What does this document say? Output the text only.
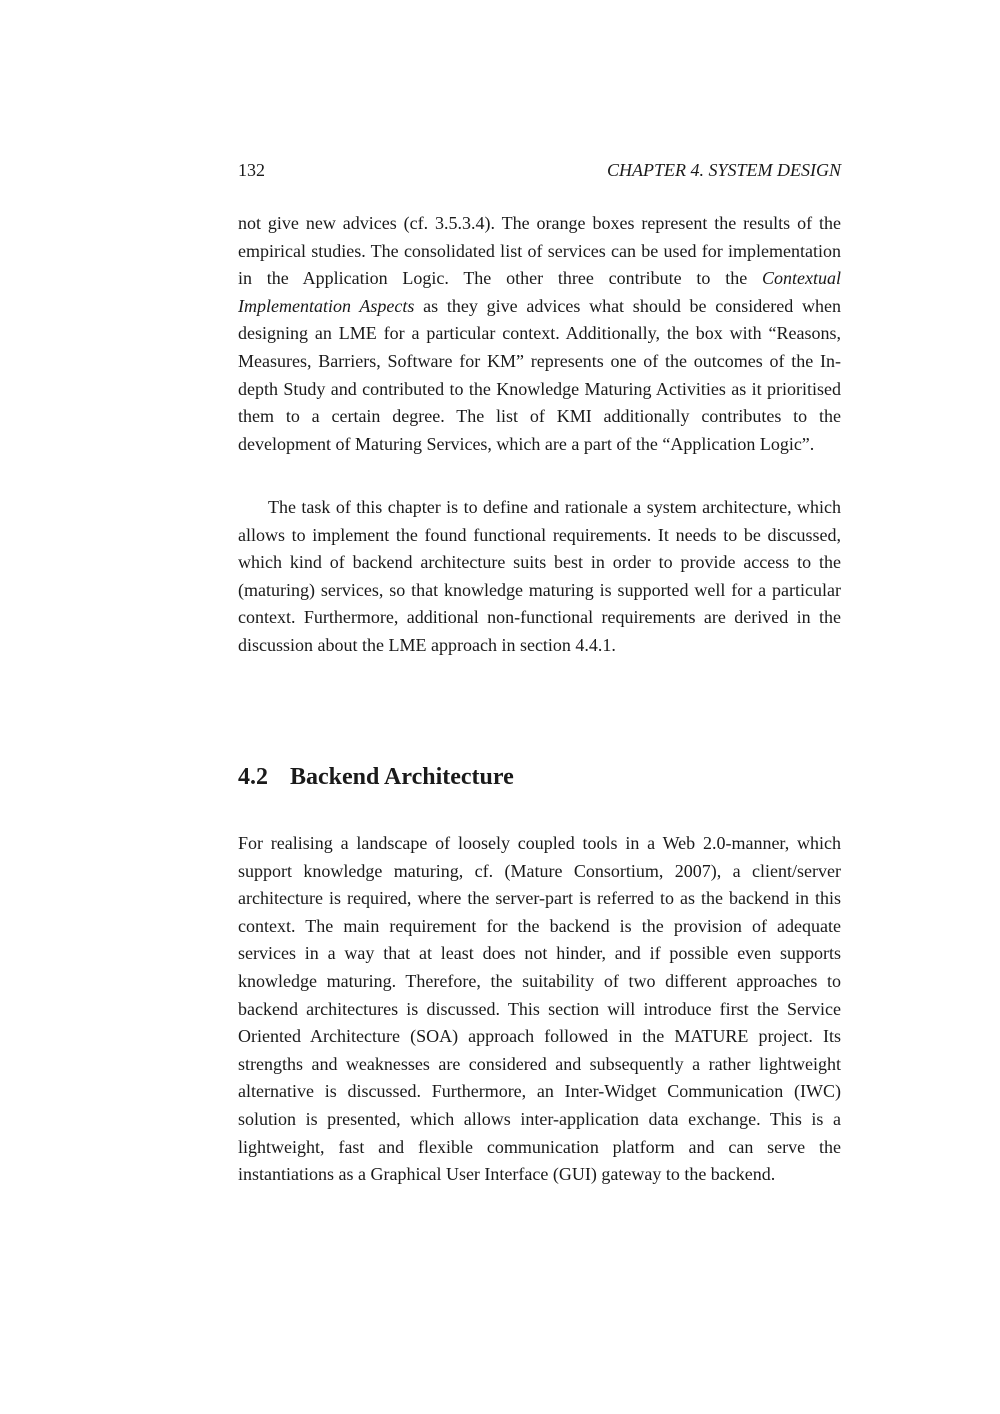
132	CHAPTER 4. SYSTEM DESIGN

not give new advices (cf. 3.5.3.4). The orange boxes represent the results of the empirical studies. The consolidated list of services can be used for implementation in the Application Logic. The other three contribute to the Contextual Implementation Aspects as they give advices what should be considered when designing an LME for a particular context. Additionally, the box with “Reasons, Measures, Barriers, Software for KM” represents one of the outcomes of the In-depth Study and contributed to the Knowledge Maturing Activities as it prioritised them to a certain degree. The list of KMI additionally contributes to the development of Maturing Services, which are a part of the “Application Logic”.

The task of this chapter is to define and rationale a system architecture, which allows to implement the found functional requirements. It needs to be discussed, which kind of backend architecture suits best in order to provide access to the (maturing) services, so that knowledge maturing is supported well for a particular context. Furthermore, additional non-functional requirements are derived in the discussion about the LME approach in section 4.4.1.

4.2 Backend Architecture

For realising a landscape of loosely coupled tools in a Web 2.0-manner, which support knowledge maturing, cf. (Mature Consortium, 2007), a client/server architecture is required, where the server-part is referred to as the backend in this context. The main requirement for the backend is the provision of adequate services in a way that at least does not hinder, and if possible even supports knowledge maturing. Therefore, the suitability of two different approaches to backend architectures is discussed. This section will introduce first the Service Oriented Architecture (SOA) approach followed in the MATURE project. Its strengths and weaknesses are considered and subsequently a rather lightweight alternative is discussed. Furthermore, an Inter-Widget Communication (IWC) solution is presented, which allows inter-application data exchange. This is a lightweight, fast and flexible communication platform and can serve the instantiations as a Graphical User Interface (GUI) gateway to the backend.
